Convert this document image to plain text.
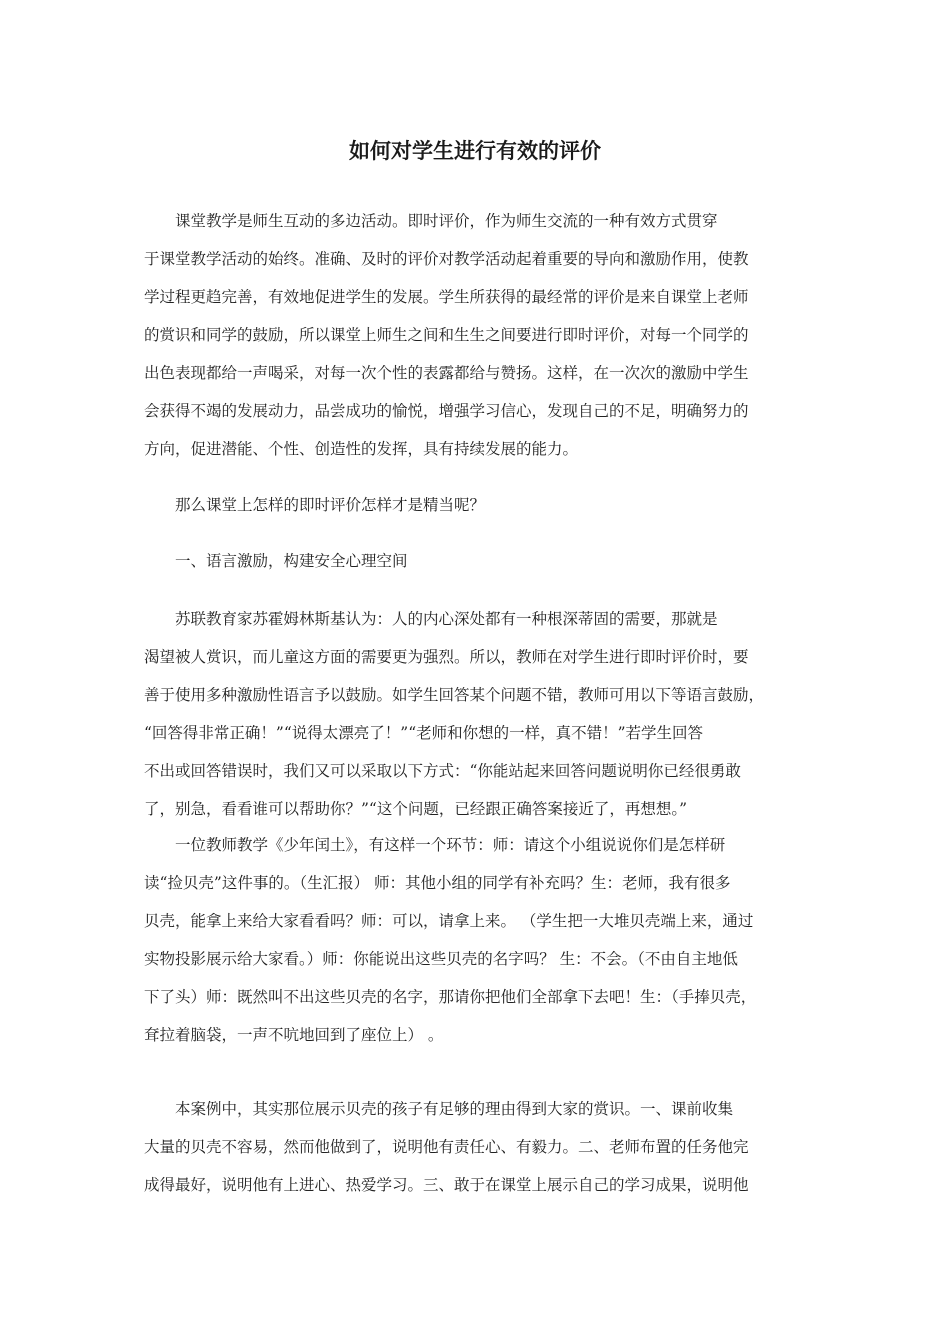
如何对学生进行有效的评价
课堂教学是师生互动的多边活动。即时评价，作为师生交流的一种有效方式贯穿
于课堂教学活动的始终。准确、及时的评价对教学活动起着重要的导向和激励作用，使教
学过程更趋完善，有效地促进学生的发展。学生所获得的最经常的评价是来自课堂上老师
的赏识和同学的鼓励，所以课堂上师生之间和生生之间要进行即时评价，对每一个同学的
出色表现都给一声喝采，对每一次个性的表露都给与赞扬。这样，在一次次的激励中学生
会获得不竭的发展动力，品尝成功的愉悦，增强学习信心，发现自己的不足，明确努力的
方向，促进潜能、个性、创造性的发挥，具有持续发展的能力。
那么课堂上怎样的即时评价怎样才是精当呢？
一、语言激励，构建安全心理空间
苏联教育家苏霍姆林斯基认为：人的内心深处都有一种根深蒂固的需要，那就是
渴望被人赏识，而儿童这方面的需要更为强烈。所以，教师在对学生进行即时评价时，要
善于使用多种激励性语言予以鼓励。如学生回答某个问题不错，教师可用以下等语言鼓励，
“回答得非常正确！”“说得太漂亮了！”“老师和你想的一样，真不错！”若学生回答
不出或回答错误时，我们又可以采取以下方式：“你能站起来回答问题说明你已经很勇敢
了，别急，看看谁可以帮助你？”“这个问题，已经跟正确答案接近了，再想想。”
一位教师教学《少年闰土》，有这样一个环节：师：请这个小组说说你们是怎样研
读“捡贝壳”这件事的。（生汇报） 师：其他小组的同学有补充吗？生：老师，我有很多
贝壳，能拿上来给大家看看吗？师：可以，请拿上来。 （学生把一大堆贝壳端上来，通过
实物投影展示给大家看。）师：你能说出这些贝壳的名字吗？ 生：不会。（不由自主地低
下了头）师：既然叫不出这些贝壳的名字，那请你把他们全部拿下去吧！生：（手捧贝壳，
耷拉着脑袋，一声不吭地回到了座位上） 。
本案例中，其实那位展示贝壳的孩子有足够的理由得到大家的赏识。一、课前收集
大量的贝壳不容易，然而他做到了，说明他有责任心、有毅力。二、老师布置的任务他完
成得最好，说明他有上进心、热爱学习。三、敢于在课堂上展示自己的学习成果，说明他
